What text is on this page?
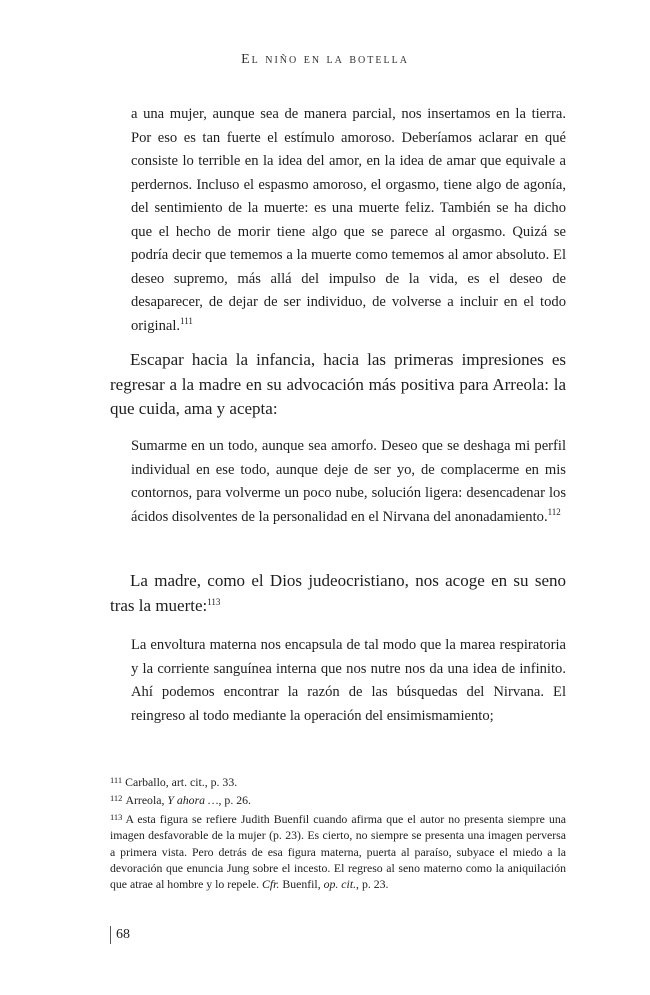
El niño en la botella

a una mujer, aunque sea de manera parcial, nos insertamos en la tierra. Por eso es tan fuerte el estímulo amoroso. Deberíamos aclarar en qué consiste lo terrible en la idea del amor, en la idea de amar que equivale a perdernos. Incluso el espasmo amoroso, el orgasmo, tiene algo de agonía, del sentimiento de la muerte: es una muerte feliz. También se ha dicho que el hecho de morir tiene algo que se parece al orgasmo. Quizá se podría decir que tememos a la muerte como tememos al amor absoluto. El deseo supremo, más allá del impulso de la vida, es el deseo de desaparecer, de dejar de ser individuo, de volverse a incluir en el todo original.$^{111}$

Escapar hacia la infancia, hacia las primeras impresiones es regresar a la madre en su advocación más positiva para Arreola: la que cuida, ama y acepta:

Sumarme en un todo, aunque sea amorfo. Deseo que se deshaga mi perfil individual en ese todo, aunque deje de ser yo, de complacerme en mis contornos, para volverme un poco nube, solución ligera: desencadenar los ácidos disolventes de la personalidad en el Nirvana del anonadamiento.$^{112}$

La madre, como el Dios judeocristiano, nos acoge en su seno tras la muerte:$^{113}$

La envoltura materna nos encapsula de tal modo que la marea respiratoria y la corriente sanguínea interna que nos nutre nos da una idea de infinito. Ahí podemos encontrar la razón de las búsquedas del Nirvana. El reingreso al todo mediante la operación del ensimismamiento;

$^{111}$ Carballo, art. cit., p. 33.

$^{112}$ Arreola, Y ahora …, p. 26.

$^{113}$ A esta figura se refiere Judith Buenfil cuando afirma que el autor no presenta siempre una imagen desfavorable de la mujer (p. 23). Es cierto, no siempre se presenta una imagen perversa a primera vista. Pero detrás de esa figura materna, puerta al paraíso, subyace el miedo a la devoración que enuncia Jung sobre el incesto. El regreso al seno materno como la aniquilación que atrae al hombre y lo repele. Cfr. Buenfil, op. cit., p. 23.

68
